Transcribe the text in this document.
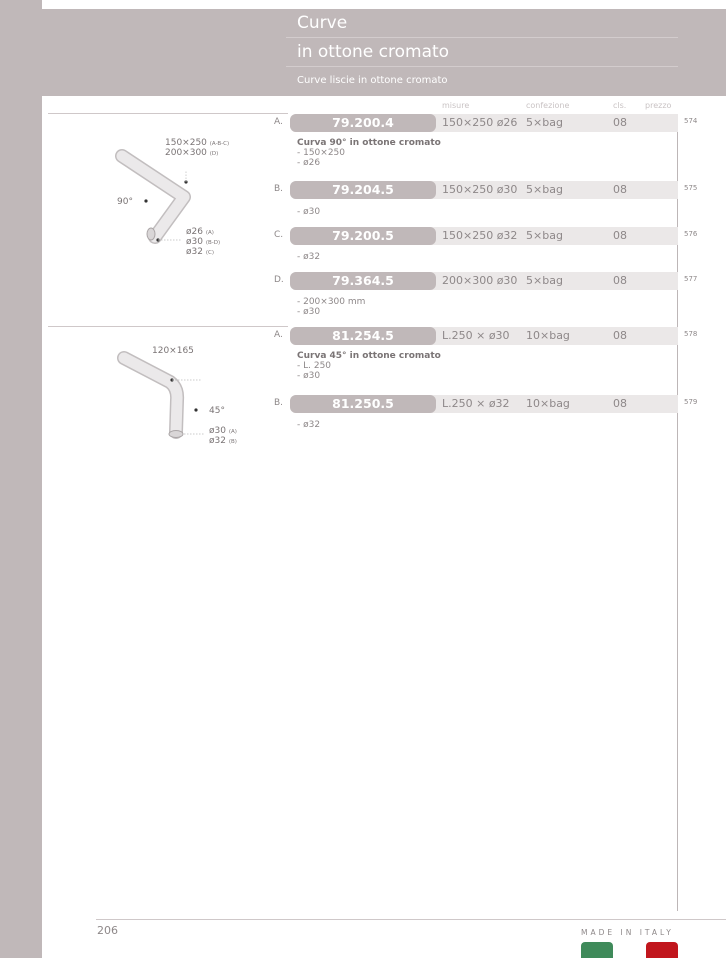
Curve
in ottone cromato
Curve liscie in ottone cromato
misure	confezione	cls. prezzo
150×250 (A-B-C)
200×300 (D)
90°
ø26 (A)
ø30 (B-D)
ø32 (C)
A.	79.200.4	150×250 ø26 5×bag	08	574
Curva 90° in ottone cromato
- 150×250
- ø26
B.	79.204.5	150×250 ø30 5×bag	08	575
- ø30
C.	79.200.5	150×250 ø32 5×bag	08	576
- ø32
D.	79.364.5	200×300 ø30 5×bag	08	577
- 200×300 mm
- ø30
120×165
45°
ø30 (A)
ø32 (B)
A.	81.254.5	L.250 × ø30 10×bag	08	578
Curva 45° in ottone cromato
- L. 250
- ø30
B.	81.250.5	L.250 × ø32 10×bag	08	579
- ø32
206	MADE IN ITALY
